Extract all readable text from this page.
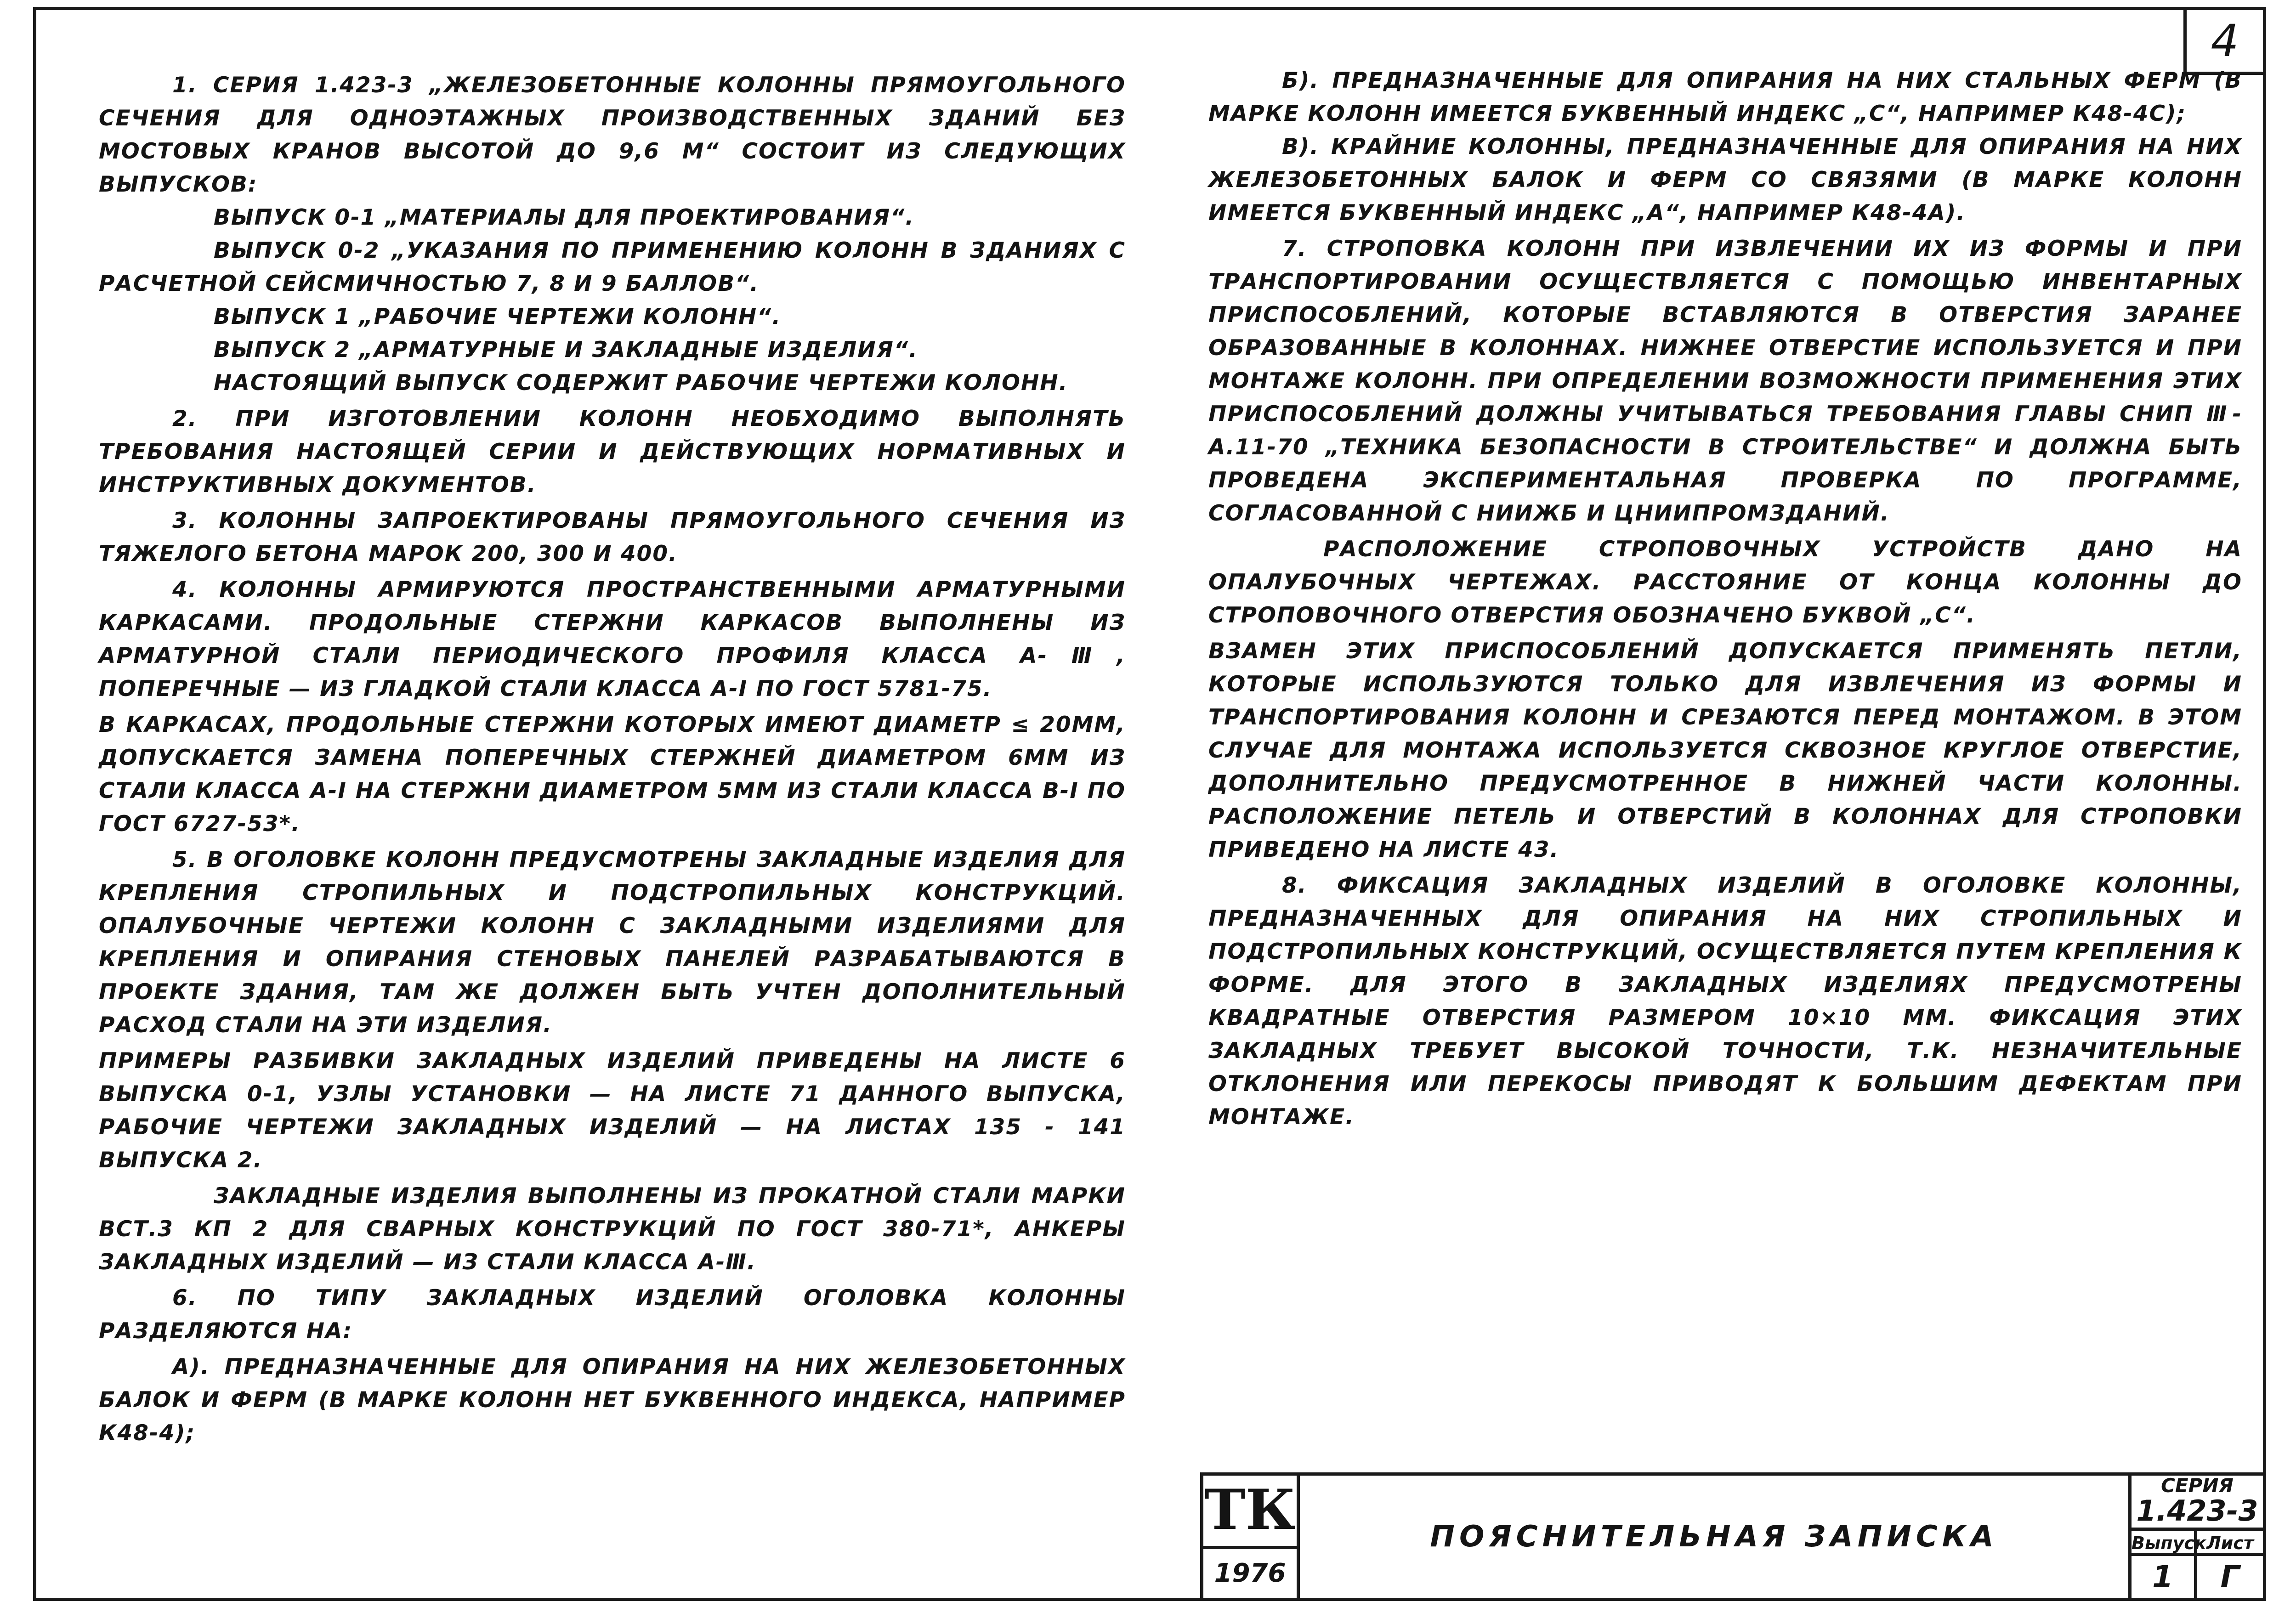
4

1. СЕРИЯ 1.423-3 „ЖЕЛЕЗОБЕТОННЫЕ КОЛОННЫ ПРЯМОУГОЛЬНОГО СЕЧЕНИЯ ДЛЯ ОДНОЭТАЖНЫХ ПРОИЗВОДСТВЕННЫХ ЗДАНИЙ БЕЗ МОСТОВЫХ КРАНОВ ВЫСОТОЙ ДО 9,6 М“ СОСТОИТ ИЗ СЛЕДУЮЩИХ ВЫПУСКОВ:

ВЫПУСК 0-1 „МАТЕРИАЛЫ ДЛЯ ПРОЕКТИРОВАНИЯ“.

ВЫПУСК 0-2 „УКАЗАНИЯ ПО ПРИМЕНЕНИЮ КОЛОНН В ЗДАНИЯХ С РАСЧЕТНОЙ СЕЙСМИЧНОСТЬЮ 7, 8 И 9 БАЛЛОВ“.

ВЫПУСК 1 „РАБОЧИЕ ЧЕРТЕЖИ КОЛОНН“.

ВЫПУСК 2 „АРМАТУРНЫЕ И ЗАКЛАДНЫЕ ИЗДЕЛИЯ“.

НАСТОЯЩИЙ ВЫПУСК СОДЕРЖИТ РАБОЧИЕ ЧЕРТЕЖИ КОЛОНН.

2. ПРИ ИЗГОТОВЛЕНИИ КОЛОНН НЕОБХОДИМО ВЫПОЛНЯТЬ ТРЕБОВАНИЯ НАСТОЯЩЕЙ СЕРИИ И ДЕЙСТВУЮЩИХ НОРМАТИВНЫХ И ИНСТРУКТИВНЫХ ДОКУМЕНТОВ.

3. КОЛОННЫ ЗАПРОЕКТИРОВАНЫ ПРЯМОУГОЛЬНОГО СЕЧЕНИЯ ИЗ ТЯЖЕЛОГО БЕТОНА МАРОК 200, 300 И 400.

4. КОЛОННЫ АРМИРУЮТСЯ ПРОСТРАНСТВЕННЫМИ АРМАТУРНЫМИ КАРКАСАМИ. ПРОДОЛЬНЫЕ СТЕРЖНИ КАРКАСОВ ВЫПОЛНЕНЫ ИЗ АРМАТУРНОЙ СТАЛИ ПЕРИОДИЧЕСКОГО ПРОФИЛЯ КЛАССА А-Ⅲ, ПОПЕРЕЧНЫЕ — ИЗ ГЛАДКОЙ СТАЛИ КЛАССА А-I ПО ГОСТ 5781-75.

В КАРКАСАХ, ПРОДОЛЬНЫЕ СТЕРЖНИ КОТОРЫХ ИМЕЮТ ДИАМЕТР ≤ 20ММ, ДОПУСКАЕТСЯ ЗАМЕНА ПОПЕРЕЧНЫХ СТЕРЖНЕЙ ДИАМЕТРОМ 6ММ ИЗ СТАЛИ КЛАССА А-I НА СТЕРЖНИ ДИАМЕТРОМ 5ММ ИЗ СТАЛИ КЛАССА В-I ПО ГОСТ 6727-53*.

5. В ОГОЛОВКЕ КОЛОНН ПРЕДУСМОТРЕНЫ ЗАКЛАДНЫЕ ИЗДЕЛИЯ ДЛЯ КРЕПЛЕНИЯ СТРОПИЛЬНЫХ И ПОДСТРОПИЛЬНЫХ КОНСТРУКЦИЙ. ОПАЛУБОЧНЫЕ ЧЕРТЕЖИ КОЛОНН С ЗАКЛАДНЫМИ ИЗДЕЛИЯМИ ДЛЯ КРЕПЛЕНИЯ И ОПИРАНИЯ СТЕНОВЫХ ПАНЕЛЕЙ РАЗРАБАТЫВАЮТСЯ В ПРОЕКТЕ ЗДАНИЯ, ТАМ ЖЕ ДОЛЖЕН БЫТЬ УЧТЕН ДОПОЛНИТЕЛЬНЫЙ РАСХОД СТАЛИ НА ЭТИ ИЗДЕЛИЯ.

ПРИМЕРЫ РАЗБИВКИ ЗАКЛАДНЫХ ИЗДЕЛИЙ ПРИВЕДЕНЫ НА ЛИСТЕ 6 ВЫПУСКА 0-1, УЗЛЫ УСТАНОВКИ — НА ЛИСТЕ 71 ДАННОГО ВЫПУСКА, РАБОЧИЕ ЧЕРТЕЖИ ЗАКЛАДНЫХ ИЗДЕЛИЙ — НА ЛИСТАХ 135 - 141 ВЫПУСКА 2.

ЗАКЛАДНЫЕ ИЗДЕЛИЯ ВЫПОЛНЕНЫ ИЗ ПРОКАТНОЙ СТАЛИ МАРКИ ВСТ.3 КП 2 ДЛЯ СВАРНЫХ КОНСТРУКЦИЙ ПО ГОСТ 380-71*, АНКЕРЫ ЗАКЛАДНЫХ ИЗДЕЛИЙ — ИЗ СТАЛИ КЛАССА А-Ⅲ.

6. ПО ТИПУ ЗАКЛАДНЫХ ИЗДЕЛИЙ ОГОЛОВКА КОЛОННЫ РАЗДЕЛЯЮТСЯ НА:

А). ПРЕДНАЗНАЧЕННЫЕ ДЛЯ ОПИРАНИЯ НА НИХ ЖЕЛЕЗОБЕТОННЫХ БАЛОК И ФЕРМ (В МАРКЕ КОЛОНН НЕТ БУКВЕННОГО ИНДЕКСА, НАПРИМЕР К48-4);

Б). ПРЕДНАЗНАЧЕННЫЕ ДЛЯ ОПИРАНИЯ НА НИХ СТАЛЬНЫХ ФЕРМ (В МАРКЕ КОЛОНН ИМЕЕТСЯ БУКВЕННЫЙ ИНДЕКС „С“, НАПРИМЕР К48-4С);

В). КРАЙНИЕ КОЛОННЫ, ПРЕДНАЗНАЧЕННЫЕ ДЛЯ ОПИРАНИЯ НА НИХ ЖЕЛЕЗОБЕТОННЫХ БАЛОК И ФЕРМ СО СВЯЗЯМИ (В МАРКЕ КОЛОНН ИМЕЕТСЯ БУКВЕННЫЙ ИНДЕКС „А“, НАПРИМЕР К48-4А).

7. СТРОПОВКА КОЛОНН ПРИ ИЗВЛЕЧЕНИИ ИХ ИЗ ФОРМЫ И ПРИ ТРАНСПОРТИРОВАНИИ ОСУЩЕСТВЛЯЕТСЯ С ПОМОЩЬЮ ИНВЕНТАРНЫХ ПРИСПОСОБЛЕНИЙ, КОТОРЫЕ ВСТАВЛЯЮТСЯ В ОТВЕРСТИЯ ЗАРАНЕЕ ОБРАЗОВАННЫЕ В КОЛОННАХ. НИЖНЕЕ ОТВЕРСТИЕ ИСПОЛЬЗУЕТСЯ И ПРИ МОНТАЖЕ КОЛОНН. ПРИ ОПРЕДЕЛЕНИИ ВОЗМОЖНОСТИ ПРИМЕНЕНИЯ ЭТИХ ПРИСПОСОБЛЕНИЙ ДОЛЖНЫ УЧИТЫВАТЬСЯ ТРЕБОВАНИЯ ГЛАВЫ СНИП Ⅲ-А.11-70 „ТЕХНИКА БЕЗОПАСНОСТИ В СТРОИТЕЛЬСТВЕ“ И ДОЛЖНА БЫТЬ ПРОВЕДЕНА ЭКСПЕРИМЕНТАЛЬНАЯ ПРОВЕРКА ПО ПРОГРАММЕ, СОГЛАСОВАННОЙ С НИИЖБ И ЦНИИПРОМЗДАНИЙ.

РАСПОЛОЖЕНИЕ СТРОПОВОЧНЫХ УСТРОЙСТВ ДАНО НА ОПАЛУБОЧНЫХ ЧЕРТЕЖАХ. РАССТОЯНИЕ ОТ КОНЦА КОЛОННЫ ДО СТРОПОВОЧНОГО ОТВЕРСТИЯ ОБОЗНАЧЕНО БУКВОЙ „С“.

ВЗАМЕН ЭТИХ ПРИСПОСОБЛЕНИЙ ДОПУСКАЕТСЯ ПРИМЕНЯТЬ ПЕТЛИ, КОТОРЫЕ ИСПОЛЬЗУЮТСЯ ТОЛЬКО ДЛЯ ИЗВЛЕЧЕНИЯ ИЗ ФОРМЫ И ТРАНСПОРТИРОВАНИЯ КОЛОНН И СРЕЗАЮТСЯ ПЕРЕД МОНТАЖОМ. В ЭТОМ СЛУЧАЕ ДЛЯ МОНТАЖА ИСПОЛЬЗУЕТСЯ СКВОЗНОЕ КРУГЛОЕ ОТВЕРСТИЕ, ДОПОЛНИТЕЛЬНО ПРЕДУСМОТРЕННОЕ В НИЖНЕЙ ЧАСТИ КОЛОННЫ. РАСПОЛОЖЕНИЕ ПЕТЕЛЬ И ОТВЕРСТИЙ В КОЛОННАХ ДЛЯ СТРОПОВКИ ПРИВЕДЕНО НА ЛИСТЕ 43.

8. ФИКСАЦИЯ ЗАКЛАДНЫХ ИЗДЕЛИЙ В ОГОЛОВКЕ КОЛОННЫ, ПРЕДНАЗНАЧЕННЫХ ДЛЯ ОПИРАНИЯ НА НИХ СТРОПИЛЬНЫХ И ПОДСТРОПИЛЬНЫХ КОНСТРУКЦИЙ, ОСУЩЕСТВЛЯЕТСЯ ПУТЕМ КРЕПЛЕНИЯ К ФОРМЕ. ДЛЯ ЭТОГО В ЗАКЛАДНЫХ ИЗДЕЛИЯХ ПРЕДУСМОТРЕНЫ КВАДРАТНЫЕ ОТВЕРСТИЯ РАЗМЕРОМ 10×10 ММ. ФИКСАЦИЯ ЭТИХ ЗАКЛАДНЫХ ТРЕБУЕТ ВЫСОКОЙ ТОЧНОСТИ, Т.К. НЕЗНАЧИТЕЛЬНЫЕ ОТКЛОНЕНИЯ ИЛИ ПЕРЕКОСЫ ПРИВОДЯТ К БОЛЬШИМ ДЕФЕКТАМ ПРИ МОНТАЖЕ.

ТК
1976
ПОЯСНИТЕЛЬНАЯ ЗАПИСКА
СЕРИЯ
1.423-3
Выпуск Лист
1	Г
